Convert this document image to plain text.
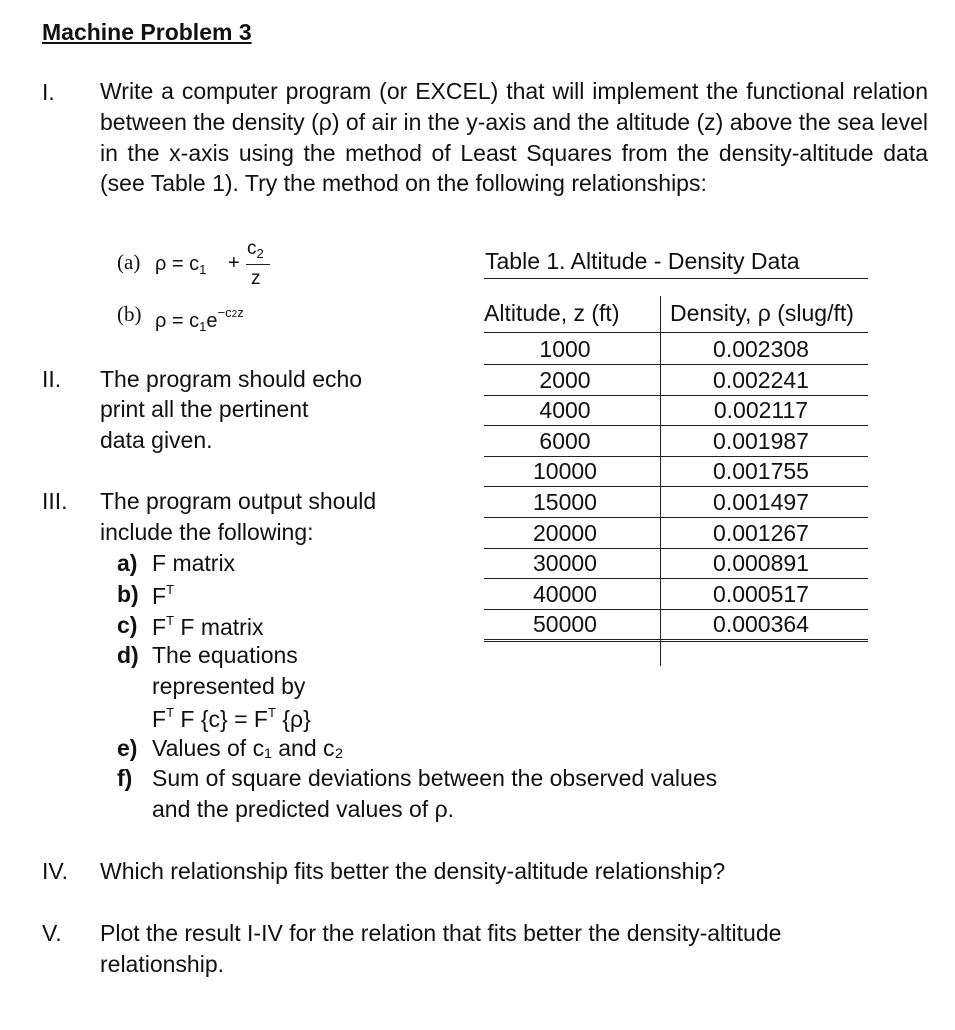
Machine Problem 3
I. Write a computer program (or EXCEL) that will implement the functional relation between the density (ρ) of air in the y-axis and the altitude (z) above the sea level in the x-axis using the method of Least Squares from the density-altitude data (see Table 1). Try the method on the following relationships:
(a) $\rho = c_1$ +
$c_2$
z
(b) $\rho = c_1e^{-c2z}$
II. The program should echo
print all the pertinent
data given.
III. The program output should
include the following:
a) F matrix
b) $F^T$
c) $F^T$ F matrix
d) The equations
represented by
$F^T$ F $\{c\} = F^T$ {ρ}
e) Values of c₁ and c₂
f) Sum of square deviations between the observed values
and the predicted values of ρ.
IV. Which relationship fits better the density-altitude relationship?
V. Plot the result I-IV for the relation that fits better the density-altitude
relationship.
Table 1. Altitude - Density Data
Altitude, z (ft) Density, ρ (slug/ft)
1000	0.002308
2000	0.002241
4000	0.002117
6000	0.001987
10000	0.001755
15000	0.001497
20000	0.001267
30000	0.000891
40000	0.000517
50000	0.000364
